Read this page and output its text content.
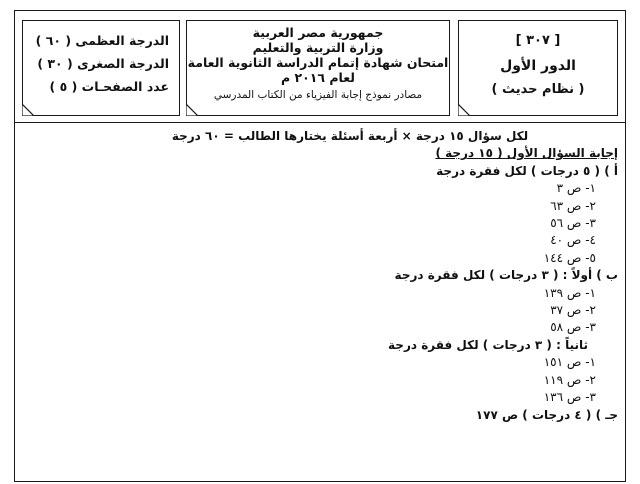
[ ٣٠٧ ]
الدور الأول
( نظام حديث )
جمهورية مصر العربية
وزارة التربية والتعليم
امتحان شهادة إتمام الدراسة الثانوية العامة
لعام ٢٠١٦ م
مصادر نموذج إجابة الفيزياء من الكتاب المدرسي
الدرجة العظمى ( ٦٠ )
الدرجة الصغرى ( ٣٠ )
عدد الصفحـات ( ٥ )
لكل سؤال ١٥ درجة × أربعة أسئلة يختارها الطالب = ٦٠ درجة
إجابة السؤال الأول ( ١٥ درجة )
أ ) ( ٥ درجات ) لكل فقرة درجة
١- ص ٣
٢- ص ٦٣
٣- ص ٥٦
٤- ص ٤٠
٥- ص ١٤٤
ب ) أولاً : ( ٣ درجات ) لكل فقرة درجة
١- ص ١٣٩
٢- ص ٣٧
٣- ص ٥٨
ثانياً : ( ٣ درجات ) لكل فقرة درجة
١- ص ١٥١
٢- ص ١١٩
٣- ص ١٣٦
جـ ) ( ٤ درجات ) ص ١٧٧
